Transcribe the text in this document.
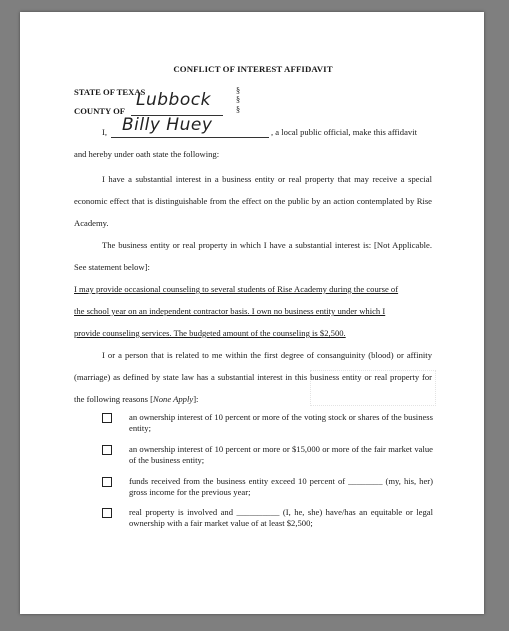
CONFLICT OF INTEREST AFFIDAVIT
STATE OF TEXAS
COUNTY OF
Lubbock	§
§
§
I, Billy Huey	, a local public official, make this affidavit
and hereby under oath state the following:
I have a substantial interest in a business entity or real property that may receive a special economic effect that is distinguishable from the effect on the public by an action contemplated by Rise Academy.
The business entity or real property in which I have a substantial interest is: [Not Applicable. See statement below]:
I may provide occasional counseling to several students of Rise Academy during the course of
the school year on an independent contractor basis. I own no business entity under which I
provide counseling services. The budgeted amount of the counseling is $2,500.
I or a person that is related to me within the first degree of consanguinity (blood) or affinity (marriage) as defined by state law has a substantial interest in this business entity or real property for the following reasons [None Apply]:
an ownership interest of 10 percent or more of the voting stock or shares of the business entity;
an ownership interest of 10 percent or more or $15,000 or more of the fair market value of the business entity;
funds received from the business entity exceed 10 percent of ________ (my, his, her) gross income for the previous year;
real property is involved and __________ (I, he, she) have/has an equitable or legal ownership with a fair market value of at least $2,500;
